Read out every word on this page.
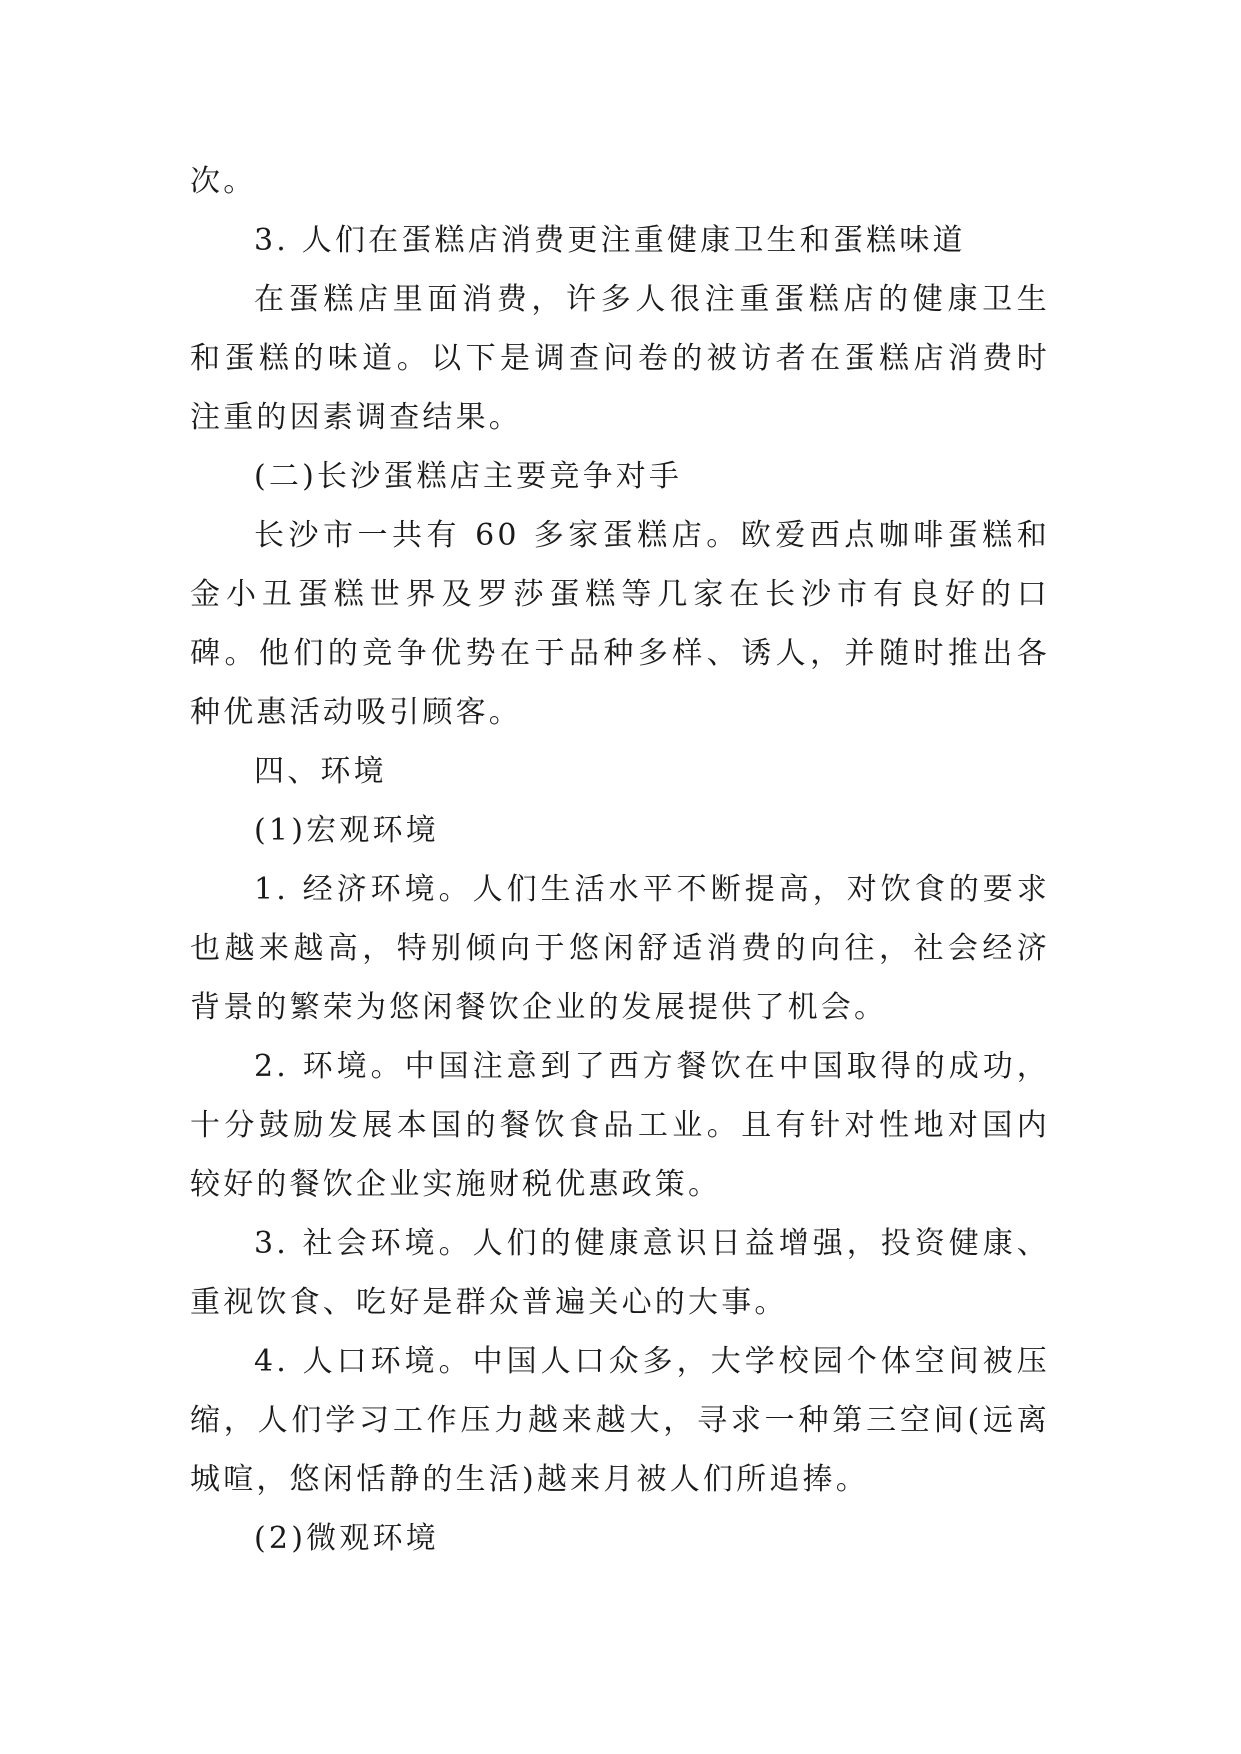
次。

3. 人们在蛋糕店消费更注重健康卫生和蛋糕味道

在蛋糕店里面消费，许多人很注重蛋糕店的健康卫生和蛋糕的味道。以下是调查问卷的被访者在蛋糕店消费时注重的因素调查结果。

(二)长沙蛋糕店主要竞争对手

长沙市一共有 60 多家蛋糕店。欧爱西点咖啡蛋糕和金小丑蛋糕世界及罗莎蛋糕等几家在长沙市有良好的口碑。他们的竞争优势在于品种多样、诱人，并随时推出各种优惠活动吸引顾客。

四、环境

(1)宏观环境

1. 经济环境。人们生活水平不断提高，对饮食的要求也越来越高，特别倾向于悠闲舒适消费的向往，社会经济背景的繁荣为悠闲餐饮企业的发展提供了机会。

2. 环境。中国注意到了西方餐饮在中国取得的成功，十分鼓励发展本国的餐饮食品工业。且有针对性地对国内较好的餐饮企业实施财税优惠政策。

3. 社会环境。人们的健康意识日益增强，投资健康、重视饮食、吃好是群众普遍关心的大事。

4. 人口环境。中国人口众多，大学校园个体空间被压缩，人们学习工作压力越来越大，寻求一种第三空间(远离城喧，悠闲恬静的生活)越来月被人们所追捧。

(2)微观环境
